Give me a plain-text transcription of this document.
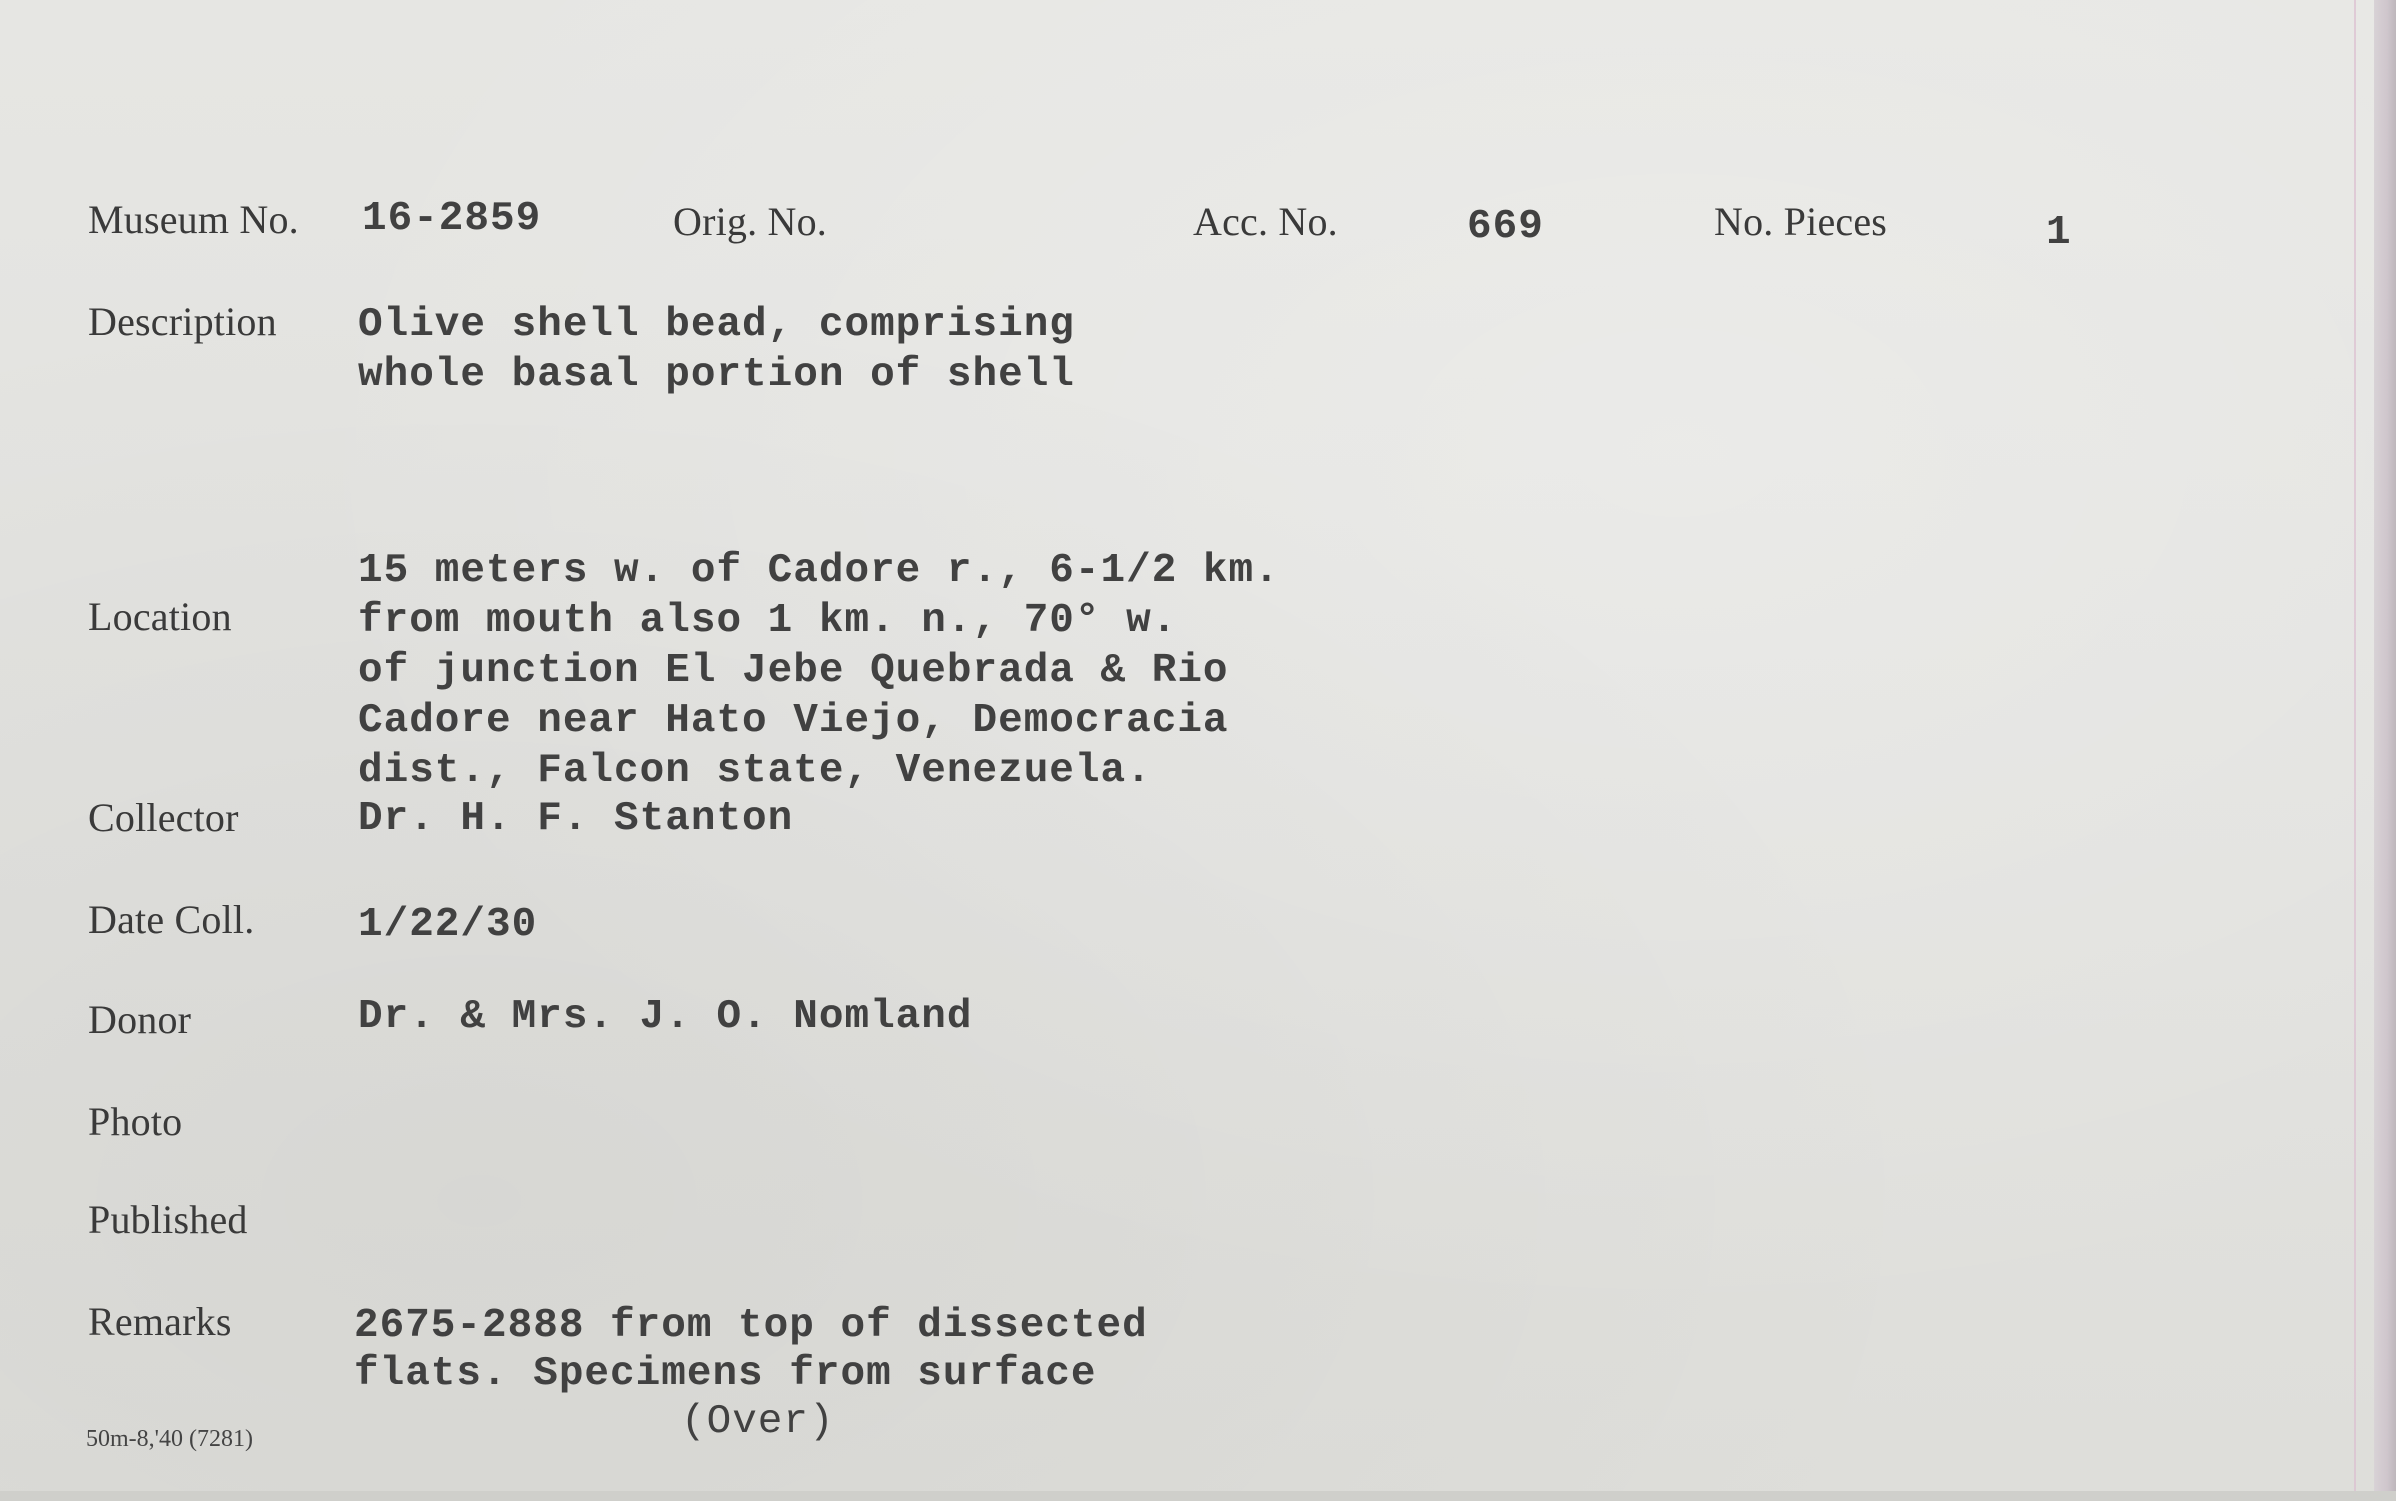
Museum No. 16-2859	Orig. No.	Acc. No.	669	No. Pieces	1
Description Olive shell bead, comprising
whole basal portion of shell
Location
15 meters w. of Cadore r., 6-1/2 km.
from mouth also 1 km. n., 70° w.
of junction El Jebe Quebrada & Rio
Cadore near Hato Viejo, Democracia
dist., Falcon state, Venezuela.
Collector	Dr. H. F. Stanton
Date Coll.	1/22/30
Donor	Dr. & Mrs. J. O. Nomland
Photo
Published
Remarks	2675-2888 from top of dissected
flats. Specimens from surface
(Over)
50m-8,'40 (7281)
